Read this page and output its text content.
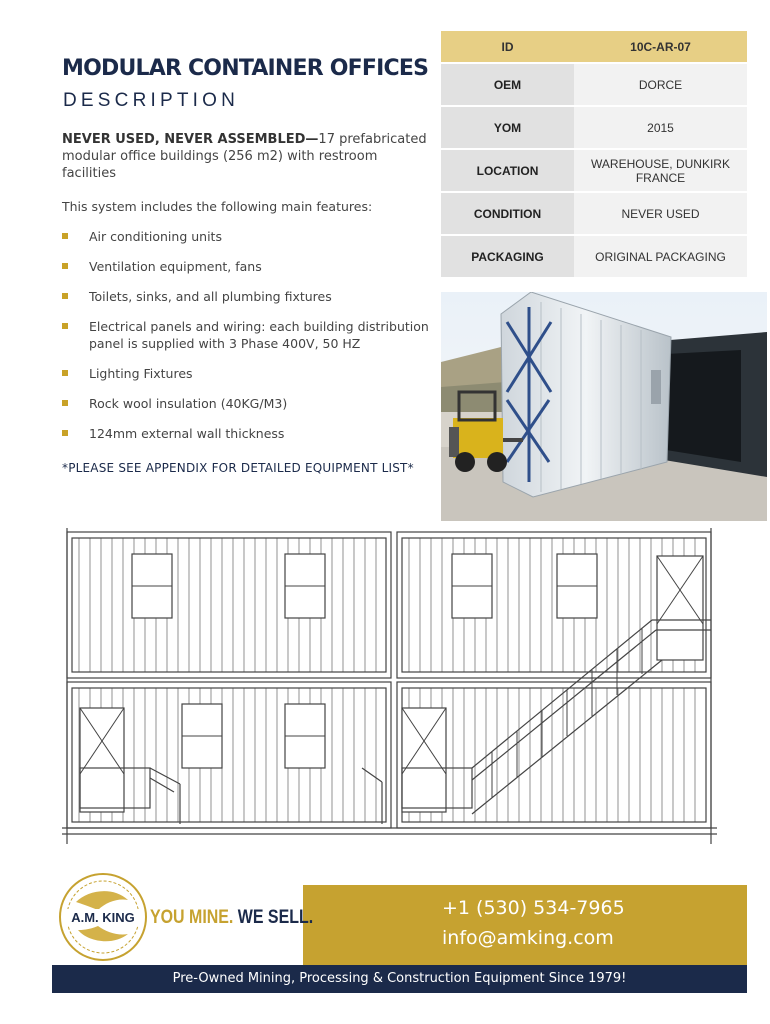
MODULAR CONTAINER OFFICES
DESCRIPTION
NEVER USED, NEVER ASSEMBLED—17 prefabricated modular office buildings (256 m2) with restroom facilities
This system includes the following main features:
Air conditioning units
Ventilation equipment, fans
Toilets, sinks, and all plumbing fixtures
Electrical panels and wiring: each building distribution panel is supplied with 3 Phase 400V, 50 HZ
Lighting Fixtures
Rock wool insulation (40KG/M3)
124mm external wall thickness
*PLEASE SEE APPENDIX FOR DETAILED EQUIPMENT LIST*
ID	10C-AR-07
OEM	DORCE
YOM	2015
LOCATION	WAREHOUSE, DUNKIRK FRANCE
CONDITION	NEVER USED
PACKAGING	ORIGINAL PACKAGING
+1 (530) 534-7965
info@amking.com
A.M. KING YOU MINE. WE SELL.
Pre-Owned Mining, Processing & Construction Equipment Since 1979!
